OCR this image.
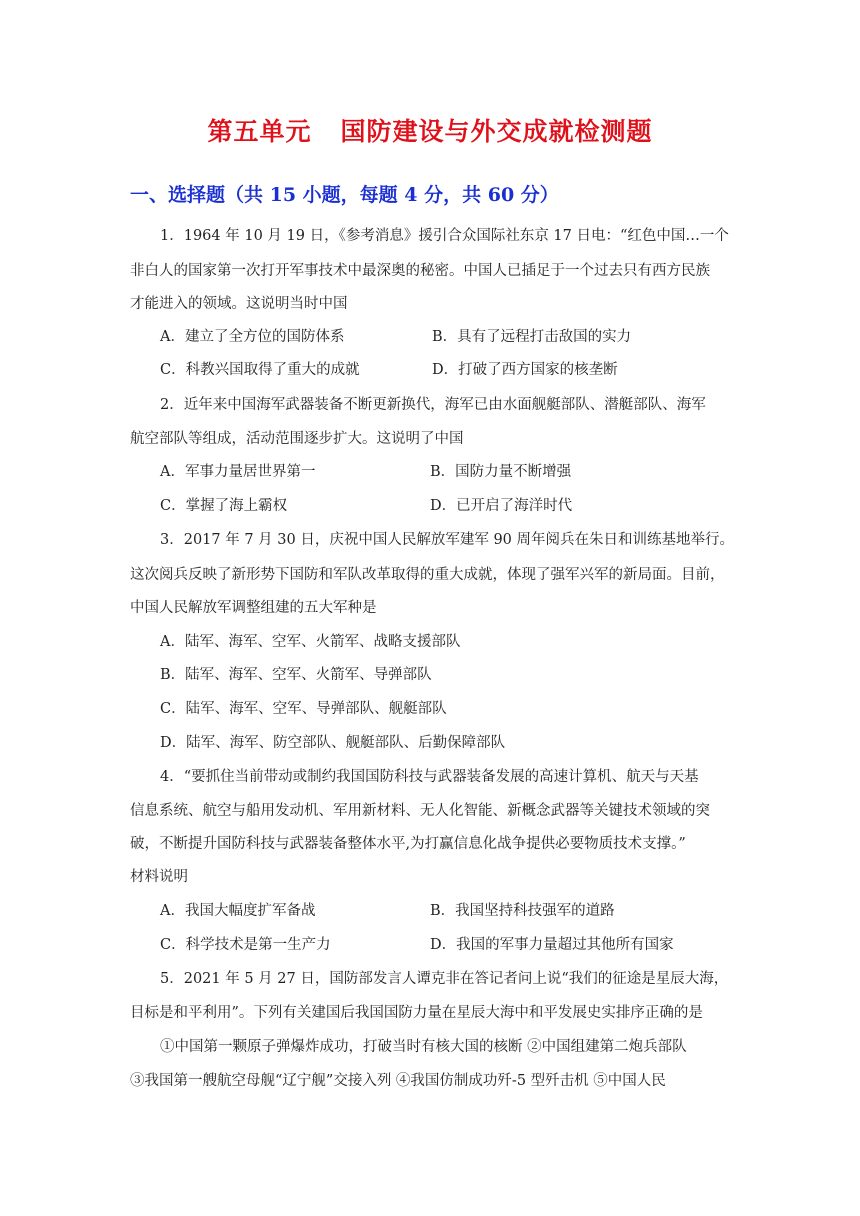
第五单元   国防建设与外交成就检测题
一、选择题（共 15 小题，每题 4 分，共 60 分）
1．1964 年 10 月 19 日，《参考消息》援引合众国际社东京 17 日电：“红色中国…一个
非白人的国家第一次打开军事技术中最深奥的秘密。中国人已插足于一个过去只有西方民族
才能进入的领域。这说明当时中国
A．建立了全方位的国防体系	B．具有了远程打击敌国的实力
C．科教兴国取得了重大的成就	D．打破了西方国家的核垄断
2．近年来中国海军武器装备不断更新换代，海军已由水面舰艇部队、潜艇部队、海军
航空部队等组成，活动范围逐步扩大。这说明了中国
A．军事力量居世界第一	B．国防力量不断增强
C．掌握了海上霸权	D．已开启了海洋时代
3．2017 年 7 月 30 日，庆祝中国人民解放军建军 90 周年阅兵在朱日和训练基地举行。
这次阅兵反映了新形势下国防和军队改革取得的重大成就，体现了强军兴军的新局面。目前，
中国人民解放军调整组建的五大军种是
A．陆军、海军、空军、火箭军、战略支援部队
B．陆军、海军、空军、火箭军、导弹部队
C．陆军、海军、空军、导弹部队、舰艇部队
D．陆军、海军、防空部队、舰艇部队、后勤保障部队
4．“要抓住当前带动或制约我国国防科技与武器装备发展的高速计算机、航天与天基
信息系统、航空与船用发动机、军用新材料、无人化智能、新概念武器等关键技术领域的突
破，不断提升国防科技与武器装备整体水平,为打赢信息化战争提供必要物质技术支撑。”
材料说明
A．我国大幅度扩军备战	B．我国坚持科技强军的道路
C．科学技术是第一生产力	D．我国的军事力量超过其他所有国家
5．2021 年 5 月 27 日，国防部发言人谭克非在答记者问上说“我们的征途是星辰大海，
目标是和平利用”。下列有关建国后我国国防力量在星辰大海中和平发展史实排序正确的是
①中国第一颗原子弹爆炸成功，打破当时有核大国的核断 ②中国组建第二炮兵部队
③我国第一艘航空母舰“辽宁舰”交接入列 ④我国仿制成功歼-5 型歼击机 ⑤中国人民
